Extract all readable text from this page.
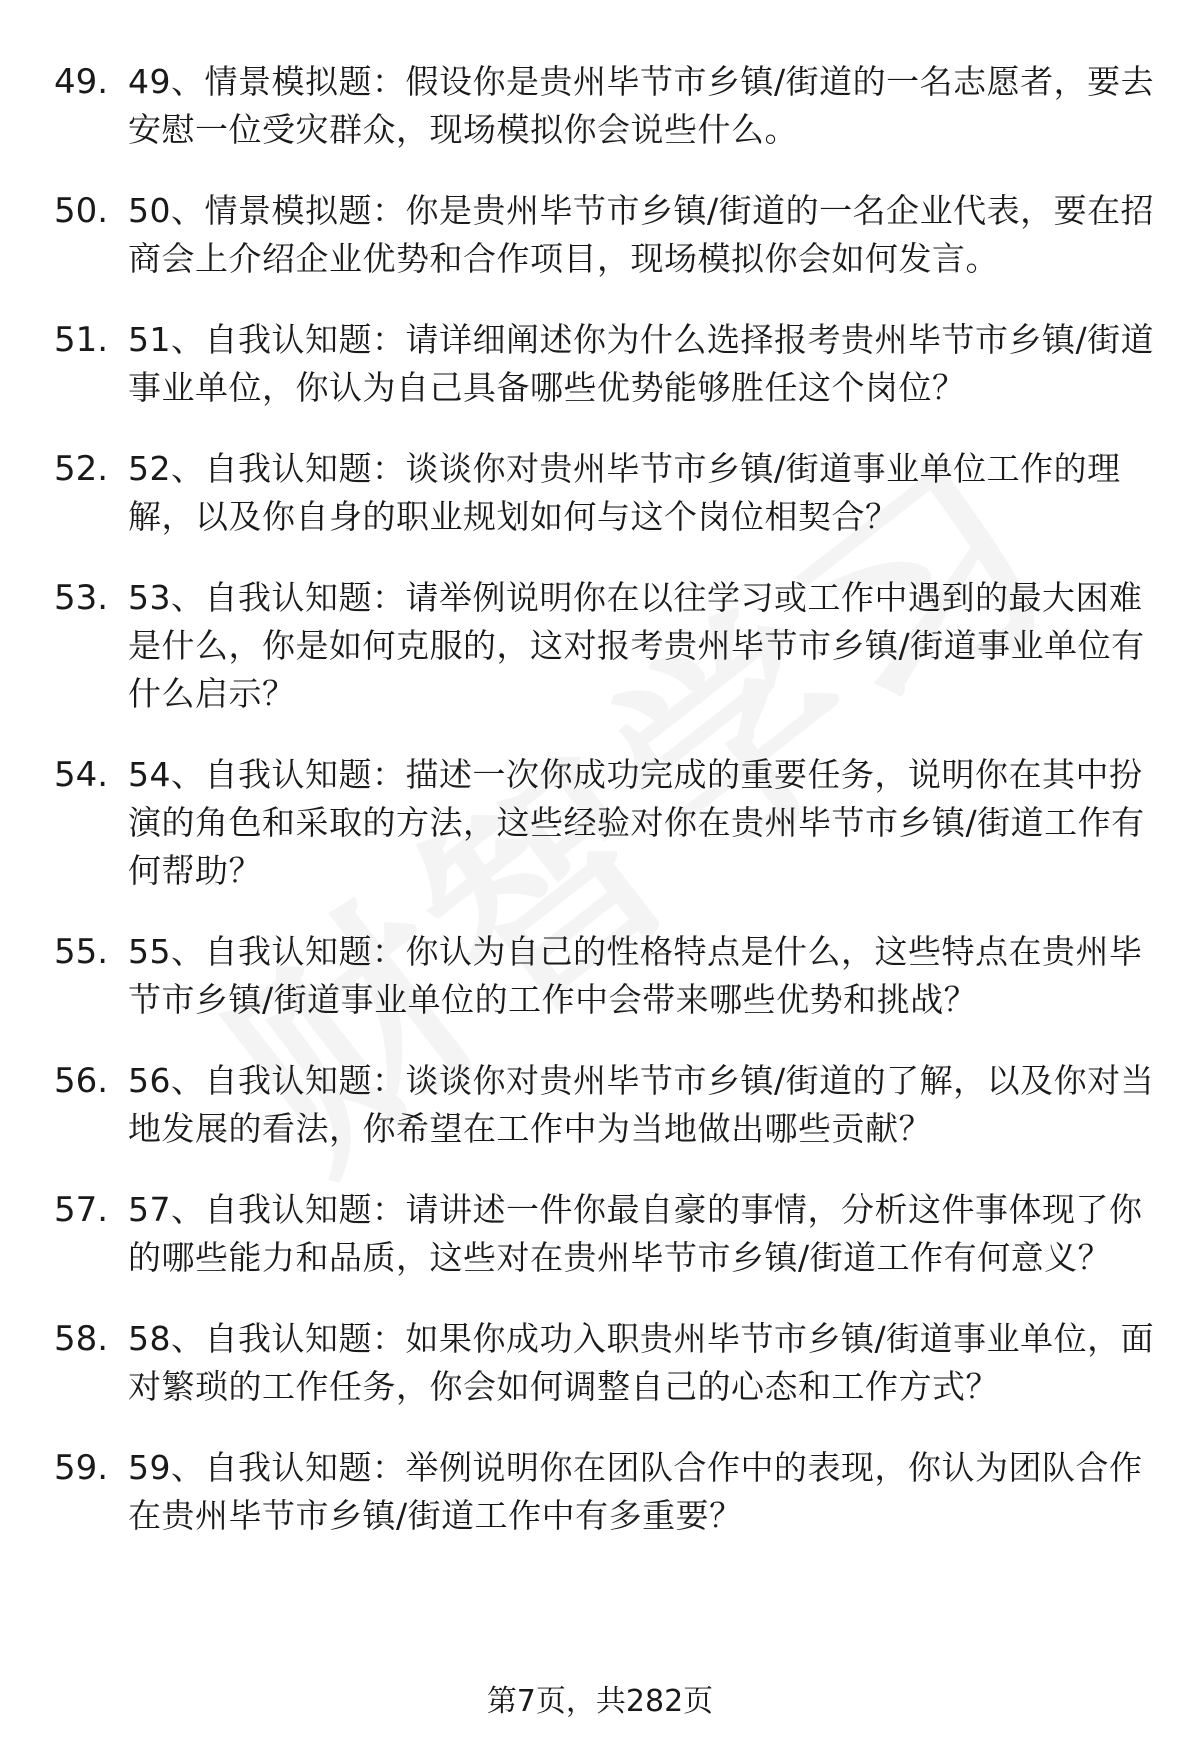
49. 49、情景模拟题：假设你是贵州毕节市乡镇/街道的一名志愿者，要去安慰一位受灾群众，现场模拟你会说些什么。
50. 50、情景模拟题：你是贵州毕节市乡镇/街道的一名企业代表，要在招商会上介绍企业优势和合作项目，现场模拟你会如何发言。
51. 51、自我认知题：请详细阐述你为什么选择报考贵州毕节市乡镇/街道事业单位，你认为自己具备哪些优势能够胜任这个岗位？
52. 52、自我认知题：谈谈你对贵州毕节市乡镇/街道事业单位工作的理解，以及你自身的职业规划如何与这个岗位相契合？
53. 53、自我认知题：请举例说明你在以往学习或工作中遇到的最大困难是什么，你是如何克服的，这对报考贵州毕节市乡镇/街道事业单位有什么启示？
54. 54、自我认知题：描述一次你成功完成的重要任务，说明你在其中扮演的角色和采取的方法，这些经验对你在贵州毕节市乡镇/街道工作有何帮助？
55. 55、自我认知题：你认为自己的性格特点是什么，这些特点在贵州毕节市乡镇/街道事业单位的工作中会带来哪些优势和挑战？
56. 56、自我认知题：谈谈你对贵州毕节市乡镇/街道的了解，以及你对当地发展的看法，你希望在工作中为当地做出哪些贡献？
57. 57、自我认知题：请讲述一件你最自豪的事情，分析这件事体现了你的哪些能力和品质，这些对在贵州毕节市乡镇/街道工作有何意义？
58. 58、自我认知题：如果你成功入职贵州毕节市乡镇/街道事业单位，面对繁琐的工作任务，你会如何调整自己的心态和工作方式？
59. 59、自我认知题：举例说明你在团队合作中的表现，你认为团队合作在贵州毕节市乡镇/街道工作中有多重要？
第7页，共282页
